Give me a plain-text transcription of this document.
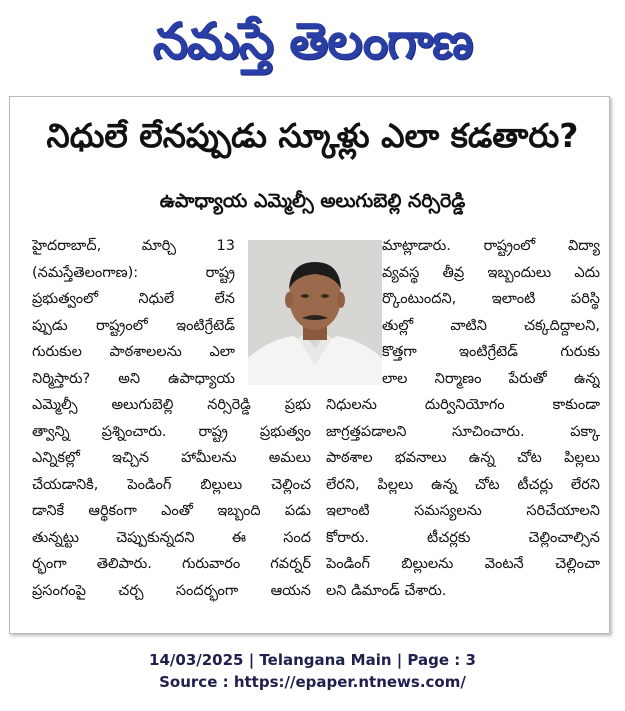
నమస్తే తెలంగాణ
నిధులే లేనప్పుడు స్కూళ్లు ఎలా కడతారు?
ఉపాధ్యాయ ఎమ్మెల్సీ అలుగుబెల్లి నర్సిరెడ్డి
హైదరాబాద్, మార్చి 13
(నమస్తేతెలంగాణ): రాష్ట్ర
ప్రభుత్వంలో నిధులే లేన
ప్పుడు రాష్ట్రంలో ఇంటిగ్రేటెడ్
గురుకుల పాఠశాలలను ఎలా
నిర్మిస్తారు? అని ఉపాధ్యాయ
ఎమ్మెల్సీ అలుగుబెల్లి నర్సిరెడ్డి ప్రభు
త్వాన్ని ప్రశ్నించారు. రాష్ట్ర ప్రభుత్వం
ఎన్నికల్లో ఇచ్చిన హామీలను అమలు
చేయడానికి, పెండింగ్ బిల్లులు చెల్లించ
డానికే ఆర్థికంగా ఎంతో ఇబ్బంది పడు
తున్నట్టు చెప్పుకున్నదని ఈ సంద
ర్భంగా తెలిపారు. గురువారం గవర్నర్
ప్రసంగంపై చర్చ సందర్భంగా ఆయన
మాట్లాడారు. రాష్ట్రంలో విద్యా
వ్యవస్థ తీవ్ర ఇబ్బందులు ఎదు
ర్కొంటుందని, ఇలాంటి పరిస్థి
తుల్లో వాటిని చక్కదిద్దాలని,
కొత్తగా ఇంటిగ్రేటెడ్ గురుకు
లాల నిర్మాణం పేరుతో ఉన్న
నిధులను దుర్వినియోగం కాకుండా
జాగ్రత్తపడాలని సూచించారు. పక్కా
పాఠశాల భవనాలు ఉన్న చోట పిల్లలు
లేరని, పిల్లలు ఉన్న చోట టీచర్లు లేరని
ఇలాంటి సమస్యలను సరిచేయాలని
కోరారు. టీచర్లకు చెల్లించాల్సిన
పెండింగ్ బిల్లులను వెంటనే చెల్లించా
లని డిమాండ్ చేశారు.
14/03/2025 | Telangana Main | Page : 3
Source : https://epaper.ntnews.com/
